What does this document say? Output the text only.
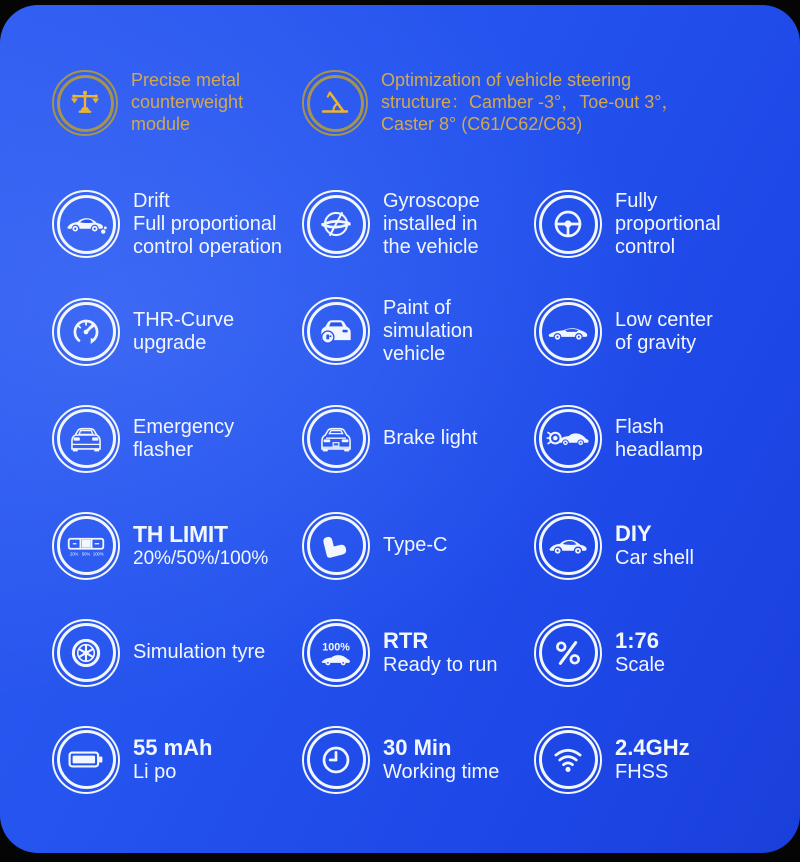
Precise metal
counterweight
module
Optimization of vehicle steering
structure：Camber -3°，Toe-out 3°，
Caster 8° (C61/C62/C63)
Drift
Full proportional
control operation
Gyroscope
installed in
the vehicle
Fully
proportional
control
THR-Curve
upgrade
Paint of
simulation
vehicle
Low center
of gravity
Emergency
flasher
Brake light
Flash
headlamp
20% 50% 100%
TH LIMIT
20%/50%/100%
Type-C	DIY
Car shell
Simulation tyre	100% RTR
Ready to run
1:76
Scale
55 mAh
Li po
30 Min
Working time
2.4GHz
FHSS
